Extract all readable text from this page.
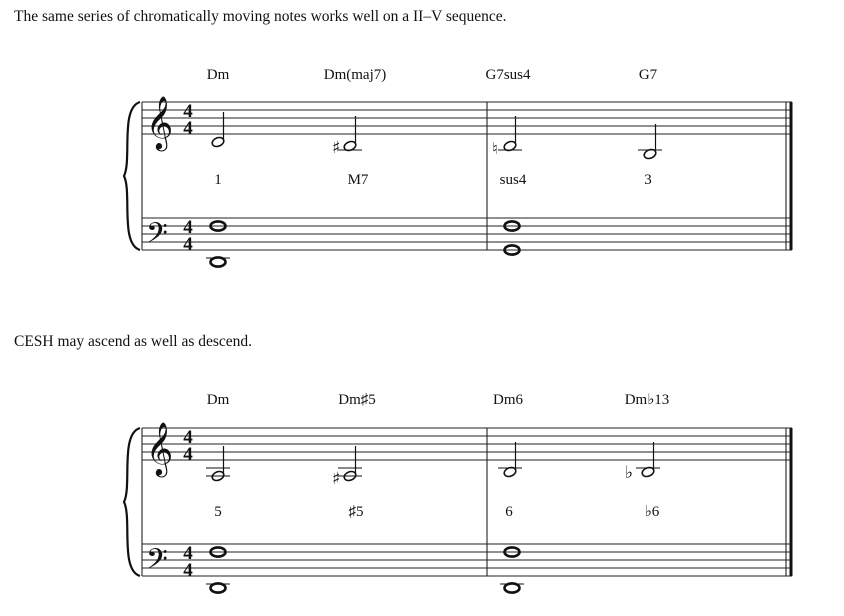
The same series of chromatically moving notes works well on a II–V sequence.
CESH may ascend as well as descend.
Dm	Dm(maj7)	G7sus4	G7
𝄞
𝄢
4
4
4
4
♯	♮
1	M7	sus4	3
Dm	Dm♯5	Dm6	Dm♭13
𝄞
𝄢
4
4
4
4
♯	♭
5	♯5	6	♭6
